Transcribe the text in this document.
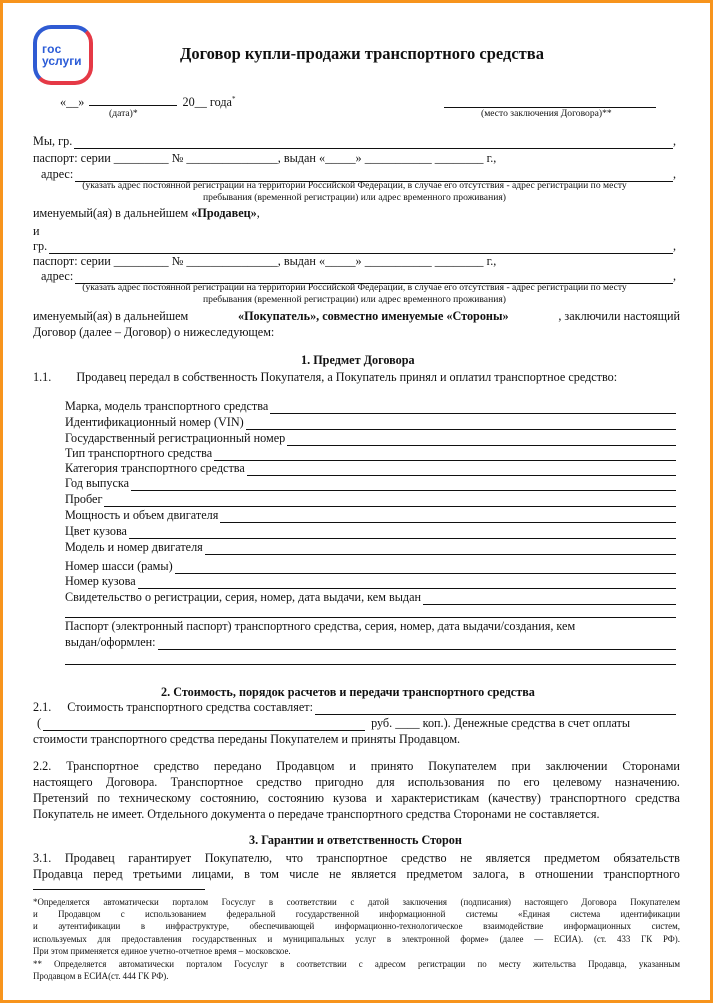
гос
услуги	Договор купли-продажи транспортного средства
«__»	20__ года*
(дата)*	(место заключения Договора)**
Мы, гр.	,
паспорт: серии _________ № _______________, выдан «_____» ___________ ________ г.,
адрес:	,
(указать адрес постоянной регистрации на территории Российской Федерации, в случае его отсутствия - адрес регистрации по месту
пребывания (временной регистрации) или адрес временного проживания)
именуемый(ая) в дальнейшем «Продавец»,
и
гр.	,
паспорт: серии _________ № _______________, выдан «_____» ___________ ________ г.,
адрес:	,
(указать адрес постоянной регистрации на территории Российской Федерации, в случае его отсутствия - адрес регистрации по месту
пребывания (временной регистрации) или адрес временного проживания)
именуемый(ая) в дальнейшем	«Покупатель», совместно именуемые «Стороны»	, заключили настоящий
Договор (далее – Договор) о нижеследующем:
1. Предмет Договора
1.1. Продавец передал в собственность Покупателя, а Покупатель принял и оплатил транспортное средство:
Марка, модель транспортного средства
Идентификационный номер (VIN)
Государственный регистрационный номер
Тип транспортного средства
Категория транспортного средства
Год выпуска
Пробег
Мощность и объем двигателя
Цвет кузова
Модель и номер двигателя
Номер шасси (рамы)
Номер кузова
Свидетельство о регистрации, серия, номер, дата выдачи, кем выдан
Паспорт (электронный паспорт) транспортного средства, серия, номер, дата выдачи/создания, кем
выдан/оформлен:
2. Стоимость, порядок расчетов и передачи транспортного средства
2.1. Стоимость транспортного средства составляет:
(	руб. ____ коп.). Денежные средства в счет оплаты
стоимости транспортного средства переданы Покупателем и приняты Продавцом.
2.2. Транспортное средство передано Продавцом и принято Покупателем при заключении Сторонами
настоящего Договора. Транспортное средство пригодно для использования по его целевому назначению.
Претензий по техническому состоянию, состоянию кузова и характеристикам (качеству) транспортного средства
Покупатель не имеет. Отдельного документа о передаче транспортного средства Сторонами не составляется.
3. Гарантии и ответственность Сторон
3.1. Продавец гарантирует Покупателю, что транспортное средство не является предметом обязательств
Продавца перед третьими лицами, в том числе не является предметом залога, в отношении транспортного
*Определяется автоматически порталом Госуслуг в соответствии с датой заключения (подписания) настоящего Договора Покупателем
и Продавцом с использованием федеральной государственной информационной системы «Единая система идентификации
и аутентификации в инфраструктуре, обеспечивающей информационно-технологическое взаимодействие информационных систем,
используемых для предоставления государственных и муниципальных услуг в электронной форме» (далее — ЕСИА). (ст. 433 ГК РФ).
При этом применяется единое учетно-отчетное время – московское.
** Определяется автоматически порталом Госуслуг в соответствии с адресом регистрации по месту жительства Продавца, указанным
Продавцом в ЕСИА(ст. 444 ГК РФ).
